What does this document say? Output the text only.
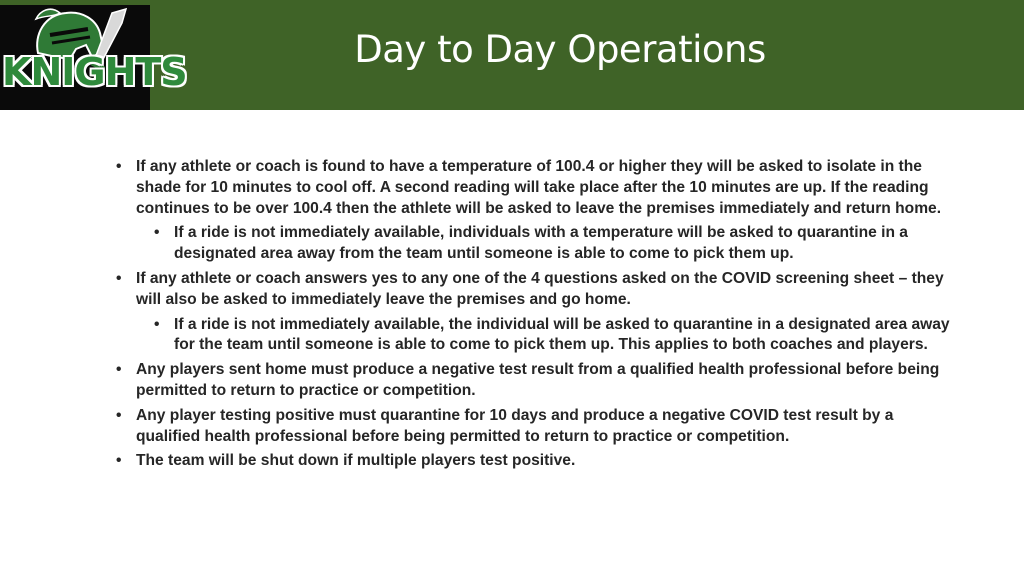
KNIGHTS
Day to Day Operations
• If any athlete or coach is found to have a temperature of 100.4 or higher they will be asked to isolate in the shade for 10 minutes to cool off. A second reading will take place after the 10 minutes are up. If the reading continues to be over 100.4 then the athlete will be asked to leave the premises immediately and return home.
• If a ride is not immediately available, individuals with a temperature will be asked to quarantine in a designated area away from the team until someone is able to come to pick them up.
• If any athlete or coach answers yes to any one of the 4 questions asked on the COVID screening sheet – they will also be asked to immediately leave the premises and go home.
• If a ride is not immediately available, the individual will be asked to quarantine in a designated area away for the team until someone is able to come to pick them up. This applies to both coaches and players.
• Any players sent home must produce a negative test result from a qualified health professional before being permitted to return to practice or competition.
• Any player testing positive must quarantine for 10 days and produce a negative COVID test result by a qualified health professional before being permitted to return to practice or competition.
• The team will be shut down if multiple players test positive.
